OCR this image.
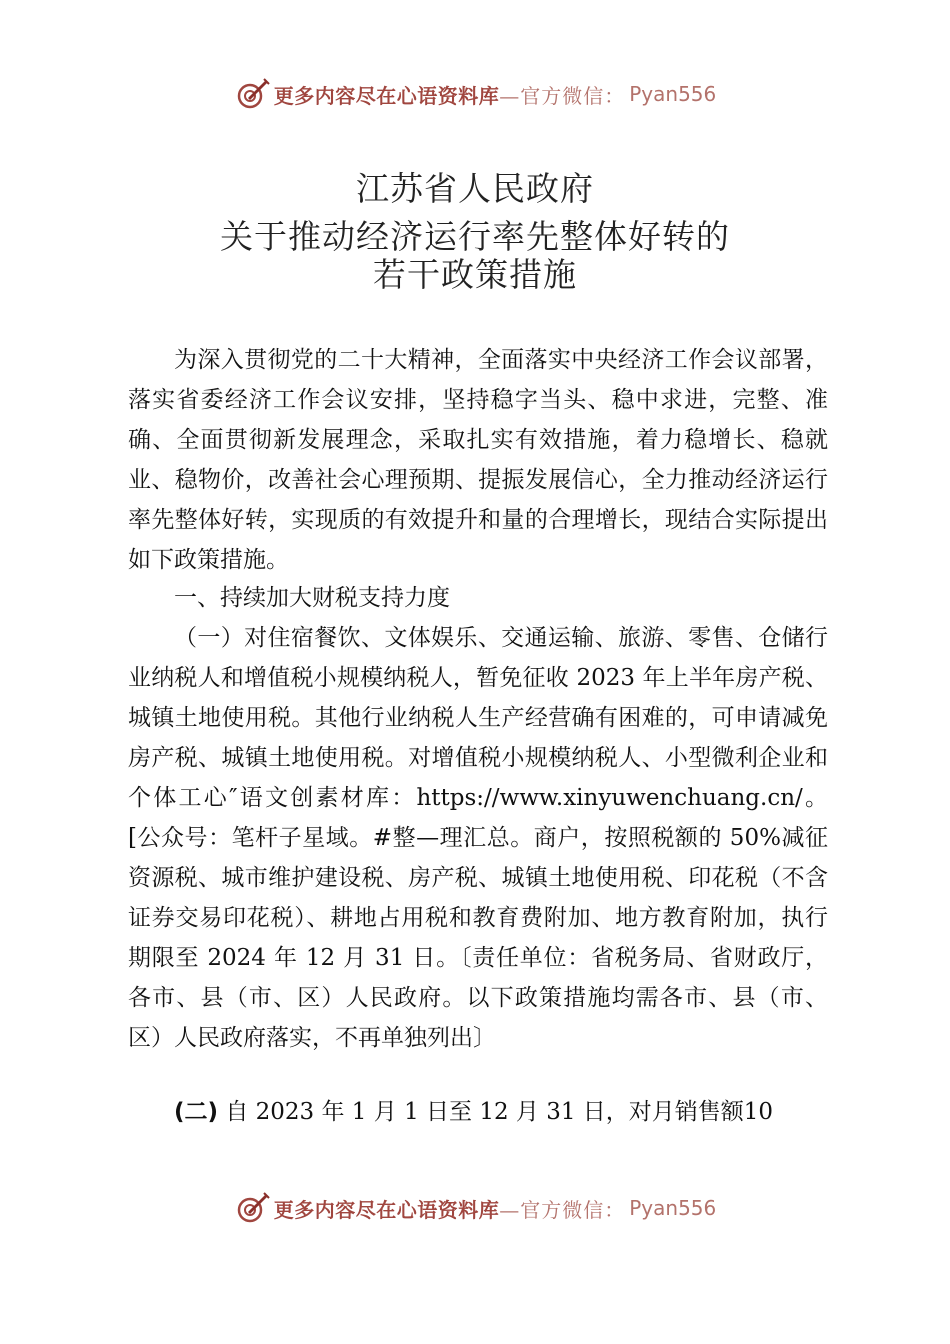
更多内容尽在心语资料库 —官方微信： Pyan556
江苏省人民政府
关于推动经济运行率先整体好转的
若干政策措施
为深入贯彻党的二十大精神，全面落实中央经济工作会议部署，落实省委经济工作会议安排，坚持稳字当头、稳中求进，完整、准确、全面贯彻新发展理念，采取扎实有效措施，着力稳增长、稳就业、稳物价，改善社会心理预期、提振发展信心，全力推动经济运行率先整体好转，实现质的有效提升和量的合理增长，现结合实际提出如下政策措施。
一、持续加大财税支持力度
（一）对住宿餐饮、文体娱乐、交通运输、旅游、零售、仓储行业纳税人和增值税小规模纳税人，暂免征收 2023 年上半年房产税、城镇土地使用税。其他行业纳税人生产经营确有困难的，可申请减免房产税、城镇土地使用税。对增值税小规模纳税人、小型微利企业和个体工心″语文创素材库：https://www.xinyuwenchuang.cn/。[公众号：笔杆子星域。#整—理汇总。商户，按照税额的 50%减征资源税、城市维护建设税、房产税、城镇土地使用税、印花税（不含证券交易印花税）、耕地占用税和教育费附加、地方教育附加，执行期限至 2024 年 12 月 31 日。〔责任单位：省税务局、省财政厅，各市、县（市、区）人民政府。以下政策措施均需各市、县（市、区）人民政府落实，不再单独列出〕
(二) 自 2023 年 1 月 1 日至 12 月 31 日，对月销售额10
更多内容尽在心语资料库 —官方微信： Pyan556
